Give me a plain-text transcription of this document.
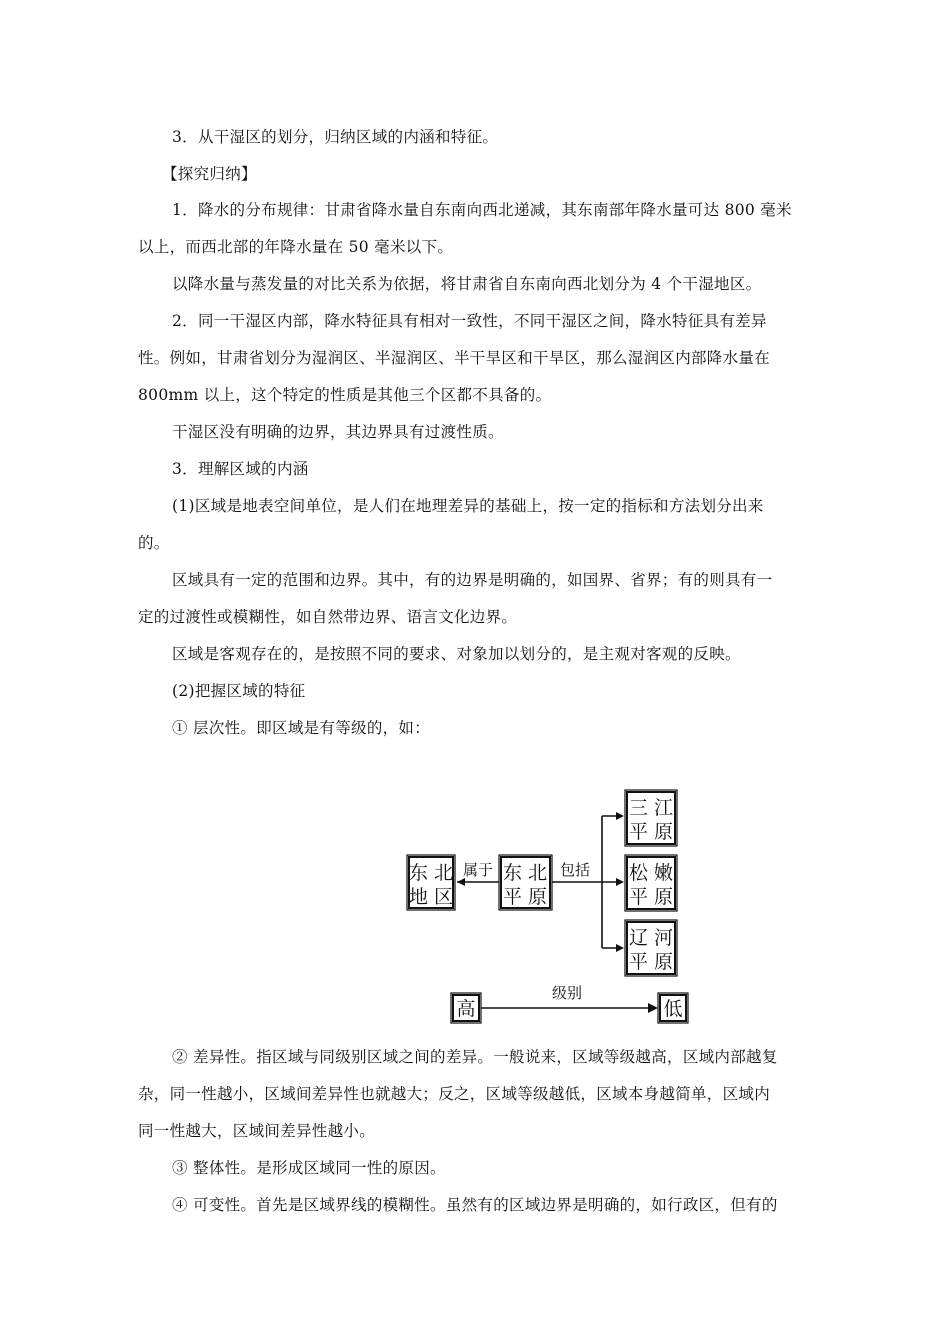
3．从干湿区的划分，归纳区域的内涵和特征。
【探究归纳】
1．降水的分布规律：甘肃省降水量自东南向西北递减，其东南部年降水量可达 800 毫米
以上，而西北部的年降水量在 50 毫米以下。
以降水量与蒸发量的对比关系为依据，将甘肃省自东南向西北划分为 4 个干湿地区。
2．同一干湿区内部，降水特征具有相对一致性，不同干湿区之间，降水特征具有差异
性。例如，甘肃省划分为湿润区、半湿润区、半干旱区和干旱区，那么湿润区内部降水量在
800mm 以上，这个特定的性质是其他三个区都不具备的。
干湿区没有明确的边界，其边界具有过渡性质。
3．理解区域的内涵
(1)区域是地表空间单位，是人们在地理差异的基础上，按一定的指标和方法划分出来
的。
区域具有一定的范围和边界。其中，有的边界是明确的，如国界、省界；有的则具有一
定的过渡性或模糊性，如自然带边界、语言文化边界。
区域是客观存在的，是按照不同的要求、对象加以划分的，是主观对客观的反映。
(2)把握区域的特征
① 层次性。即区域是有等级的，如：
东 北
地 区
属于 东 北
平 原
包括
三 江
平 原
松 嫩
平 原
辽 河
平 原
高
级别
低
② 差异性。指区域与同级别区域之间的差异。一般说来，区域等级越高，区域内部越复
杂，同一性越小，区域间差异性也就越大；反之，区域等级越低，区域本身越简单，区域内
同一性越大，区域间差异性越小。
③ 整体性。是形成区域同一性的原因。
④ 可变性。首先是区域界线的模糊性。虽然有的区域边界是明确的，如行政区，但有的
